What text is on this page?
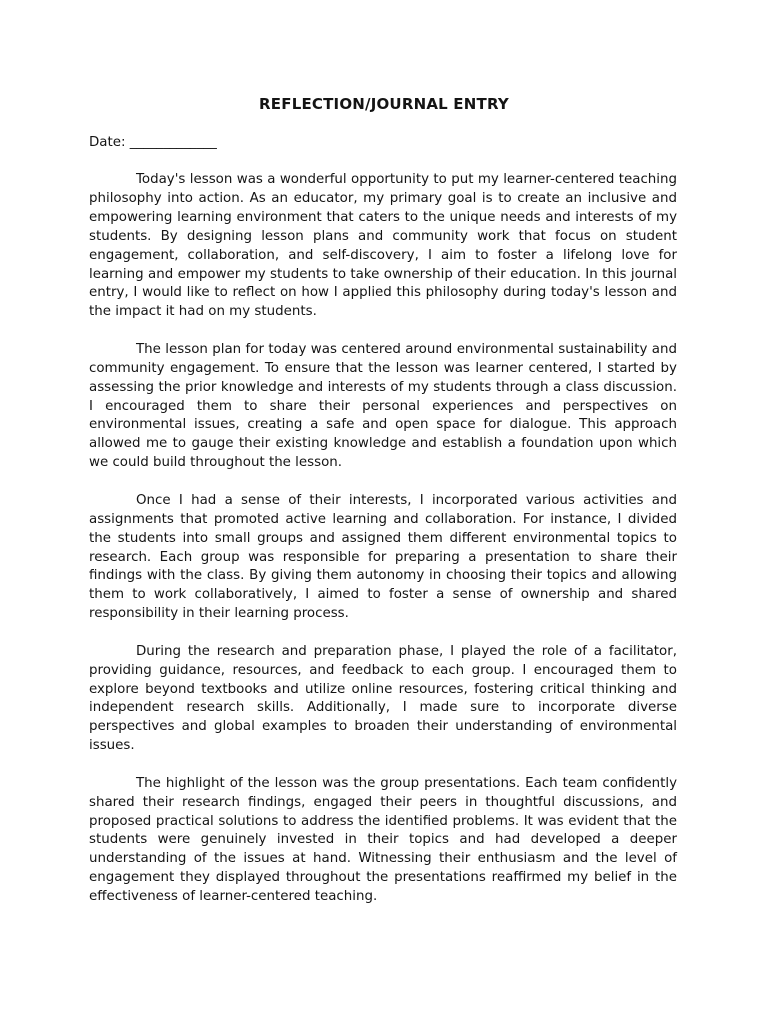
REFLECTION/JOURNAL ENTRY
Date: _____________

Today's lesson was a wonderful opportunity to put my learner-centered teaching philosophy into action. As an educator, my primary goal is to create an inclusive and empowering learning environment that caters to the unique needs and interests of my students. By designing lesson plans and community work that focus on student engagement, collaboration, and self-discovery, I aim to foster a lifelong love for learning and empower my students to take ownership of their education. In this journal entry, I would like to reflect on how I applied this philosophy during today's lesson and the impact it had on my students.

The lesson plan for today was centered around environmental sustainability and community engagement. To ensure that the lesson was learner centered, I started by assessing the prior knowledge and interests of my students through a class discussion. I encouraged them to share their personal experiences and perspectives on environmental issues, creating a safe and open space for dialogue. This approach allowed me to gauge their existing knowledge and establish a foundation upon which we could build throughout the lesson.

Once I had a sense of their interests, I incorporated various activities and assignments that promoted active learning and collaboration. For instance, I divided the students into small groups and assigned them different environmental topics to research. Each group was responsible for preparing a presentation to share their findings with the class. By giving them autonomy in choosing their topics and allowing them to work collaboratively, I aimed to foster a sense of ownership and shared responsibility in their learning process.

During the research and preparation phase, I played the role of a facilitator, providing guidance, resources, and feedback to each group. I encouraged them to explore beyond textbooks and utilize online resources, fostering critical thinking and independent research skills. Additionally, I made sure to incorporate diverse perspectives and global examples to broaden their understanding of environmental issues.

The highlight of the lesson was the group presentations. Each team confidently shared their research findings, engaged their peers in thoughtful discussions, and proposed practical solutions to address the identified problems. It was evident that the students were genuinely invested in their topics and had developed a deeper understanding of the issues at hand. Witnessing their enthusiasm and the level of engagement they displayed throughout the presentations reaffirmed my belief in the effectiveness of learner-centered teaching.
